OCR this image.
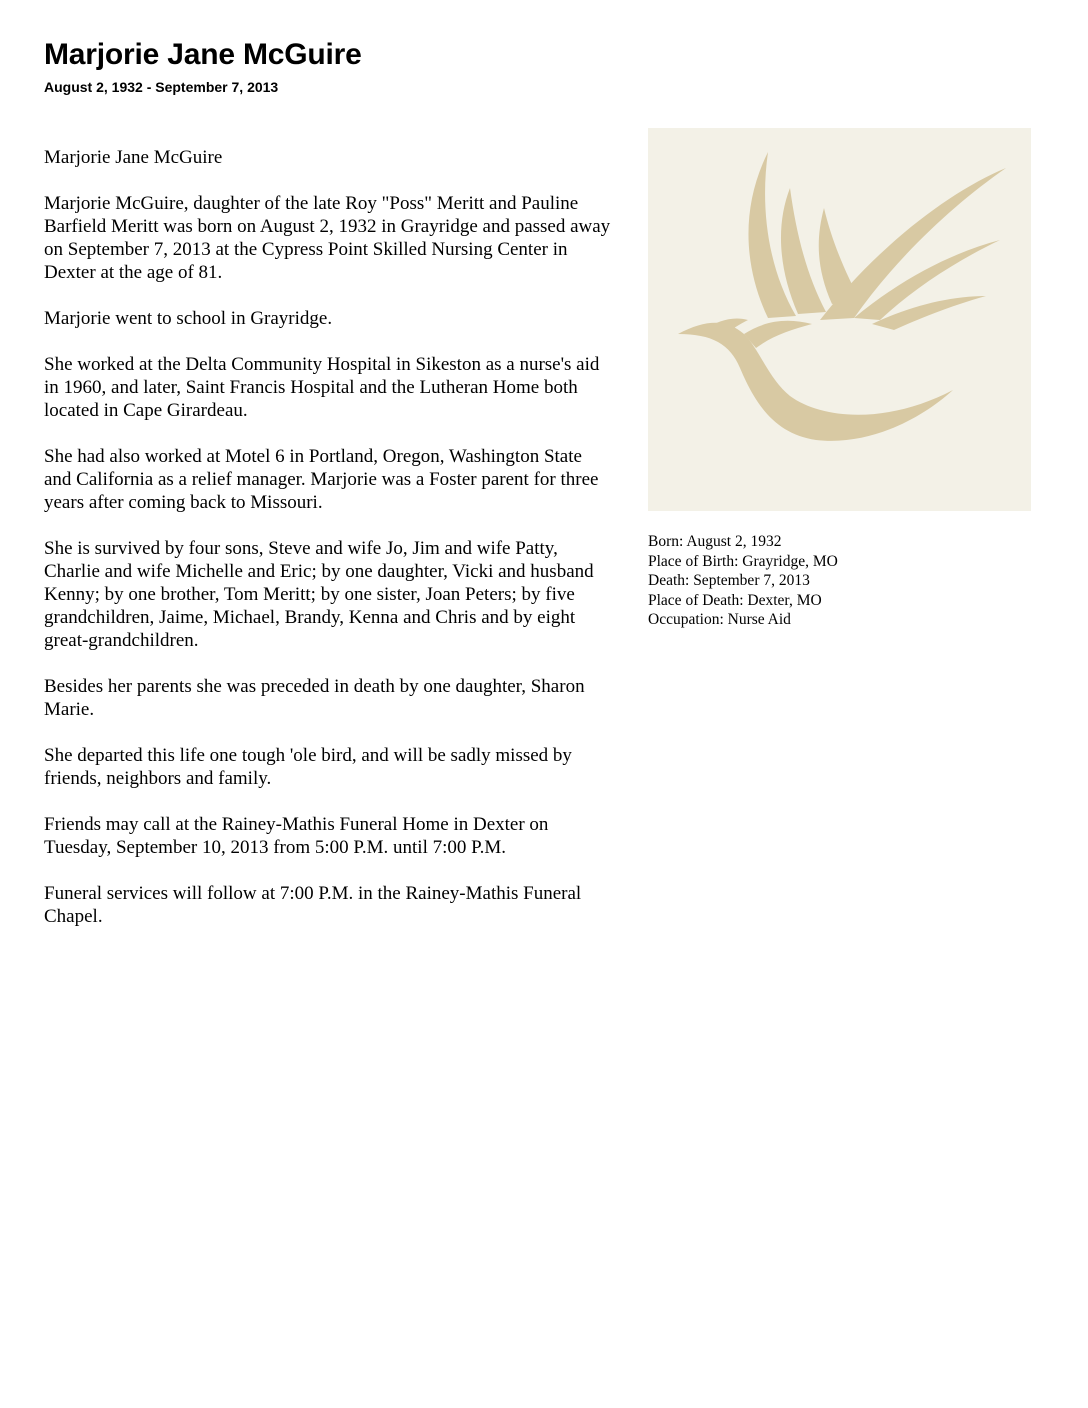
Marjorie Jane McGuire
August 2, 1932 - September 7, 2013

Marjorie Jane McGuire

Marjorie McGuire, daughter of the late Roy "Poss" Meritt and Pauline Barfield Meritt was born on August 2, 1932 in Grayridge and passed away on September 7, 2013 at the Cypress Point Skilled Nursing Center in Dexter at the age of 81.

Marjorie went to school in Grayridge.

She worked at the Delta Community Hospital in Sikeston as a nurse's aid in 1960, and later, Saint Francis Hospital and the Lutheran Home both located in Cape Girardeau.

She had also worked at Motel 6 in Portland, Oregon, Washington State and California as a relief manager. Marjorie was a Foster parent for three years after coming back to Missouri.

She is survived by four sons, Steve and wife Jo, Jim and wife Patty, Charlie and wife Michelle and Eric; by one daughter, Vicki and husband Kenny; by one brother, Tom Meritt; by one sister, Joan Peters; by five grandchildren, Jaime, Michael, Brandy, Kenna and Chris and by eight great-grandchildren.

Besides her parents she was preceded in death by one daughter, Sharon Marie.

She departed this life one tough 'ole bird, and will be sadly missed by friends, neighbors and family.

Friends may call at the Rainey-Mathis Funeral Home in Dexter on Tuesday, September 10, 2013 from 5:00 P.M. until 7:00 P.M.

Funeral services will follow at 7:00 P.M. in the Rainey-Mathis Funeral Chapel.

Born: August 2, 1932
Place of Birth: Grayridge, MO
Death: September 7, 2013
Place of Death: Dexter, MO
Occupation: Nurse Aid
